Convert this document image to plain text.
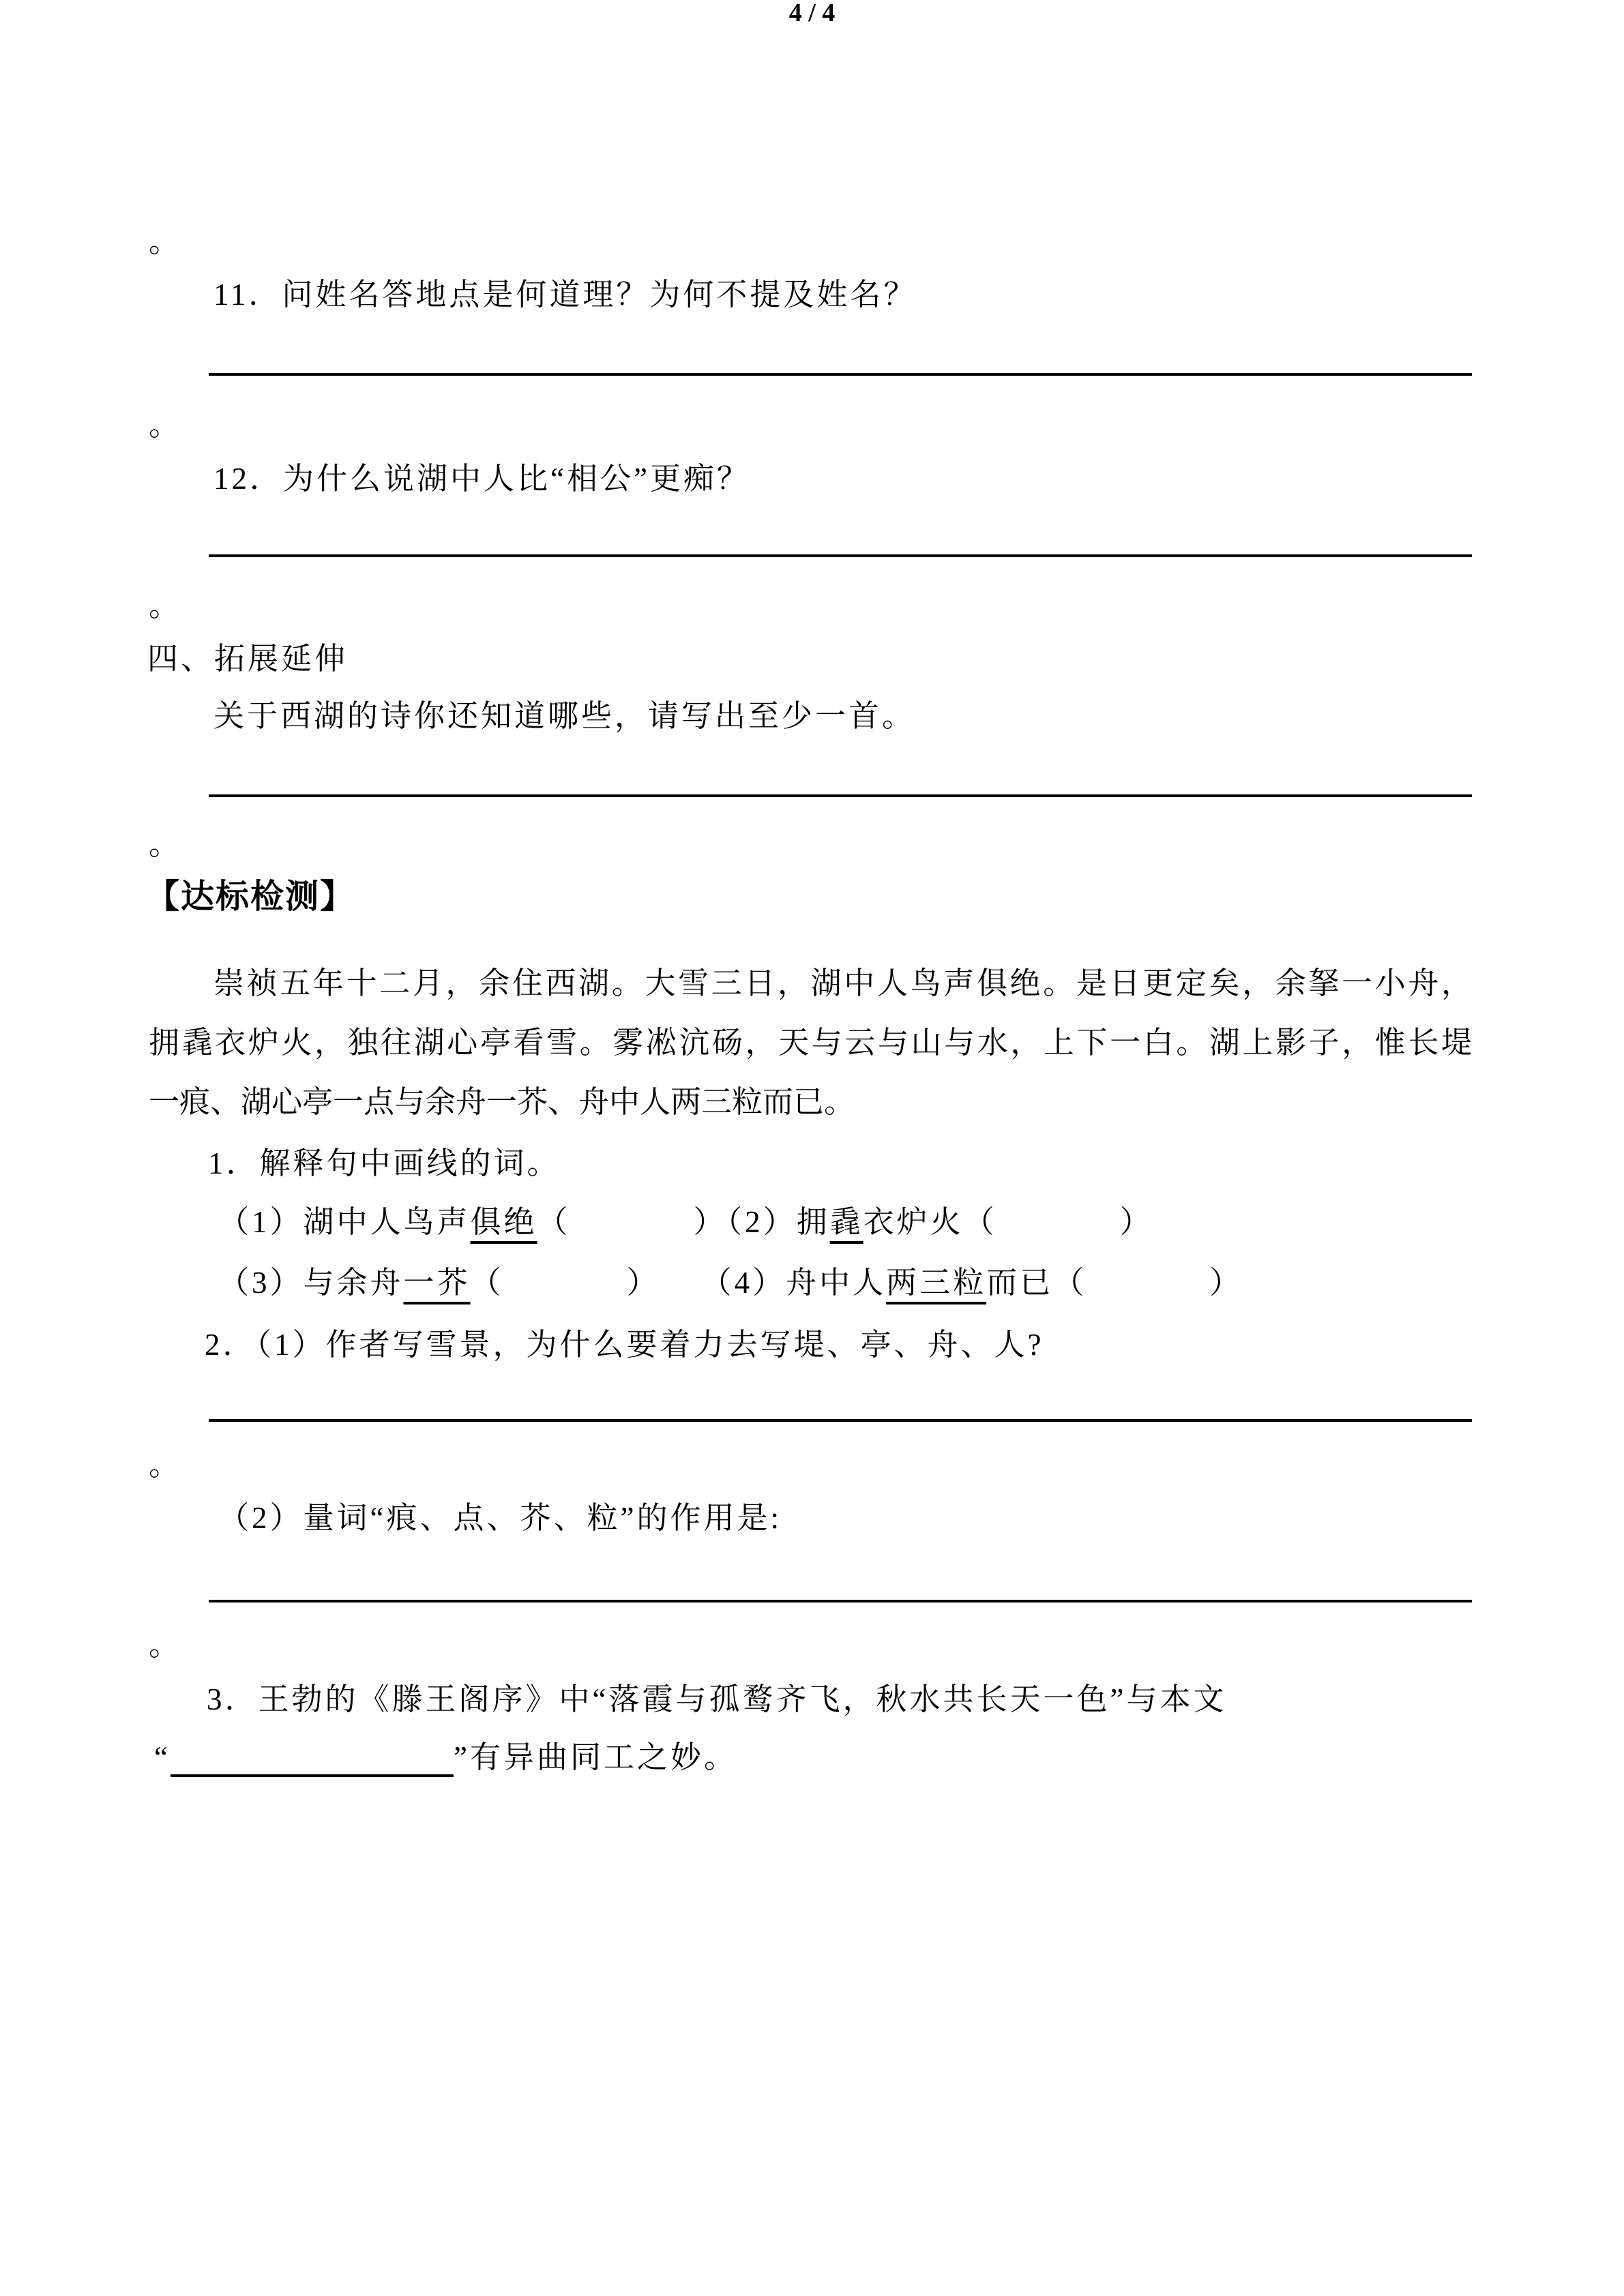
。
11．问姓名答地点是何道理？为何不提及姓名？
。
12．为什么说湖中人比“相公”更痴？
。
四、拓展延伸
关于西湖的诗你还知道哪些，请写出至少一首。
。
【达标检测】
崇祯五年十二月，余住西湖。大雪三日，湖中人鸟声俱绝。是日更定矣，余拏一小舟，
拥毳衣炉火，独往湖心亭看雪。雾凇沆砀，天与云与山与水，上下一白。湖上影子，惟长堤
一痕、湖心亭一点与余舟一芥、舟中人两三粒而已。
1．解释句中画线的词。
（1）湖中人鸟声俱绝（	）（2）拥毳衣炉火（	）
（3）与余舟一芥（	） （4）舟中人两三粒而已（	）
2．（1）作者写雪景，为什么要着力去写堤、亭、舟、人?
。
（2）量词“痕、点、芥、粒”的作用是:
。
3．王勃的《滕王阁序》中“落霞与孤鹜齐飞，秋水共长天一色”与本文
“	”有异曲同工之妙。
4 / 4
